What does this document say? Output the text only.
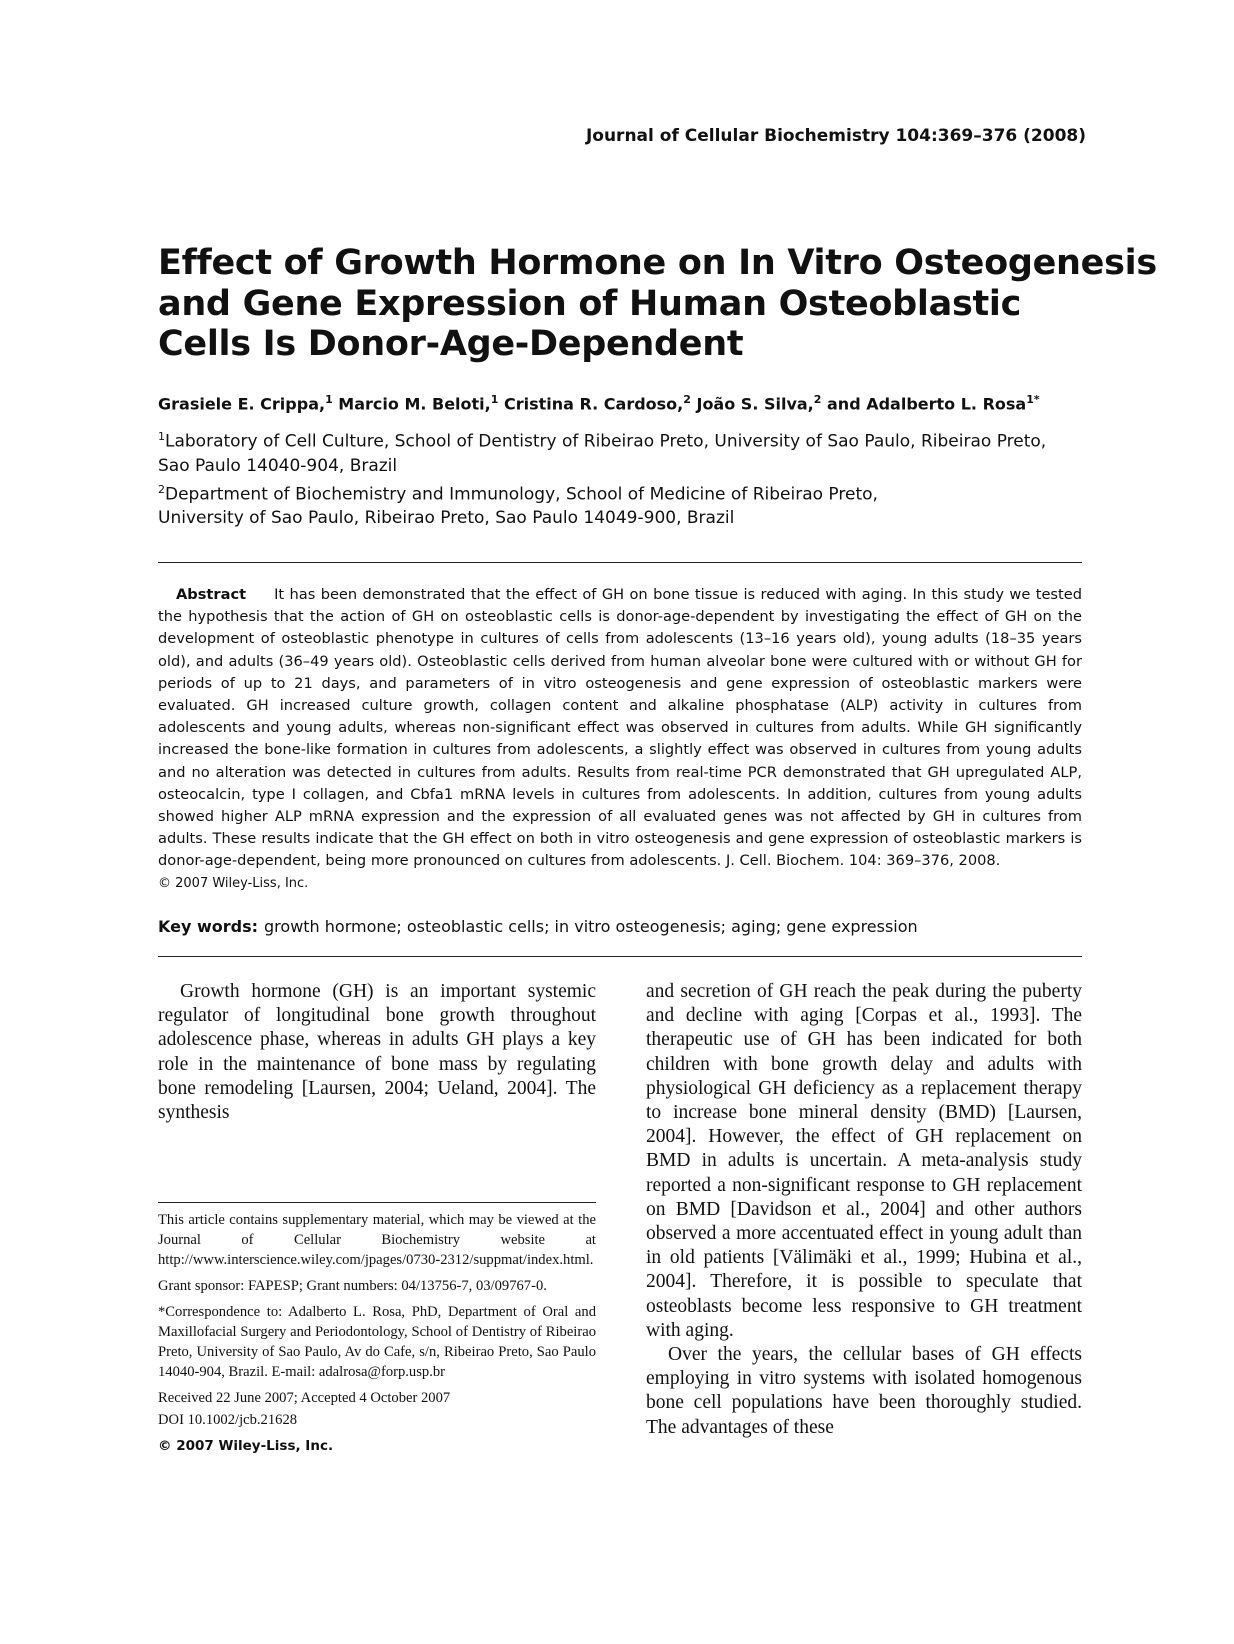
Journal of Cellular Biochemistry 104:369–376 (2008)
Effect of Growth Hormone on In Vitro Osteogenesis
and Gene Expression of Human Osteoblastic
Cells Is Donor-Age-Dependent
Grasiele E. Crippa,$^1$ Marcio M. Beloti,$^1$ Cristina R. Cardoso,$^2$ João S. Silva,$^2$ and Adalberto L. Rosa$^{1*}$
$^1$Laboratory of Cell Culture, School of Dentistry of Ribeirao Preto, University of Sao Paulo, Ribeirao Preto,
Sao Paulo 14040-904, Brazil
$^2$Department of Biochemistry and Immunology, School of Medicine of Ribeirao Preto,
University of Sao Paulo, Ribeirao Preto, Sao Paulo 14049-900, Brazil
Abstract It has been demonstrated that the effect of GH on bone tissue is reduced with aging. In this study we tested the hypothesis that the action of GH on osteoblastic cells is donor-age-dependent by investigating the effect of GH on the development of osteoblastic phenotype in cultures of cells from adolescents (13–16 years old), young adults (18–35 years old), and adults (36–49 years old). Osteoblastic cells derived from human alveolar bone were cultured with or without GH for periods of up to 21 days, and parameters of in vitro osteogenesis and gene expression of osteoblastic markers were evaluated. GH increased culture growth, collagen content and alkaline phosphatase (ALP) activity in cultures from adolescents and young adults, whereas non-significant effect was observed in cultures from adults. While GH significantly increased the bone-like formation in cultures from adolescents, a slightly effect was observed in cultures from young adults and no alteration was detected in cultures from adults. Results from real-time PCR demonstrated that GH upregulated ALP, osteocalcin, type I collagen, and Cbfa1 mRNA levels in cultures from adolescents. In addition, cultures from young adults showed higher ALP mRNA expression and the expression of all evaluated genes was not affected by GH in cultures from adults. These results indicate that the GH effect on both in vitro osteogenesis and gene expression of osteoblastic markers is donor-age-dependent, being more pronounced on cultures from adolescents. J. Cell. Biochem. 104: 369–376, 2008.
© 2007 Wiley-Liss, Inc.
Key words: growth hormone; osteoblastic cells; in vitro osteogenesis; aging; gene expression

Growth hormone (GH) is an important systemic regulator of longitudinal bone growth throughout adolescence phase, whereas in adults GH plays a key role in the maintenance of bone mass by regulating bone remodeling [Laursen, 2004; Ueland, 2004]. The synthesis

This article contains supplementary material, which may be viewed at the Journal of Cellular Biochemistry website at http://www.interscience.wiley.com/jpages/0730-2312/suppmat/index.html.

Grant sponsor: FAPESP; Grant numbers: 04/13756-7, 03/09767-0.

*Correspondence to: Adalberto L. Rosa, PhD, Department of Oral and Maxillofacial Surgery and Periodontology, School of Dentistry of Ribeirao Preto, University of Sao Paulo, Av do Cafe, s/n, Ribeirao Preto, Sao Paulo 14040-904, Brazil. E-mail: adalrosa@forp.usp.br

Received 22 June 2007; Accepted 4 October 2007

DOI 10.1002/jcb.21628

© 2007 Wiley-Liss, Inc.

and secretion of GH reach the peak during the puberty and decline with aging [Corpas et al., 1993]. The therapeutic use of GH has been indicated for both children with bone growth delay and adults with physiological GH deficiency as a replacement therapy to increase bone mineral density (BMD) [Laursen, 2004]. However, the effect of GH replacement on BMD in adults is uncertain. A meta-analysis study reported a non-significant response to GH replacement on BMD [Davidson et al., 2004] and other authors observed a more accentuated effect in young adult than in old patients [Välimäki et al., 1999; Hubina et al., 2004]. Therefore, it is possible to speculate that osteoblasts become less responsive to GH treatment with aging.

Over the years, the cellular bases of GH effects employing in vitro systems with isolated homogenous bone cell populations have been thoroughly studied. The advantages of these
